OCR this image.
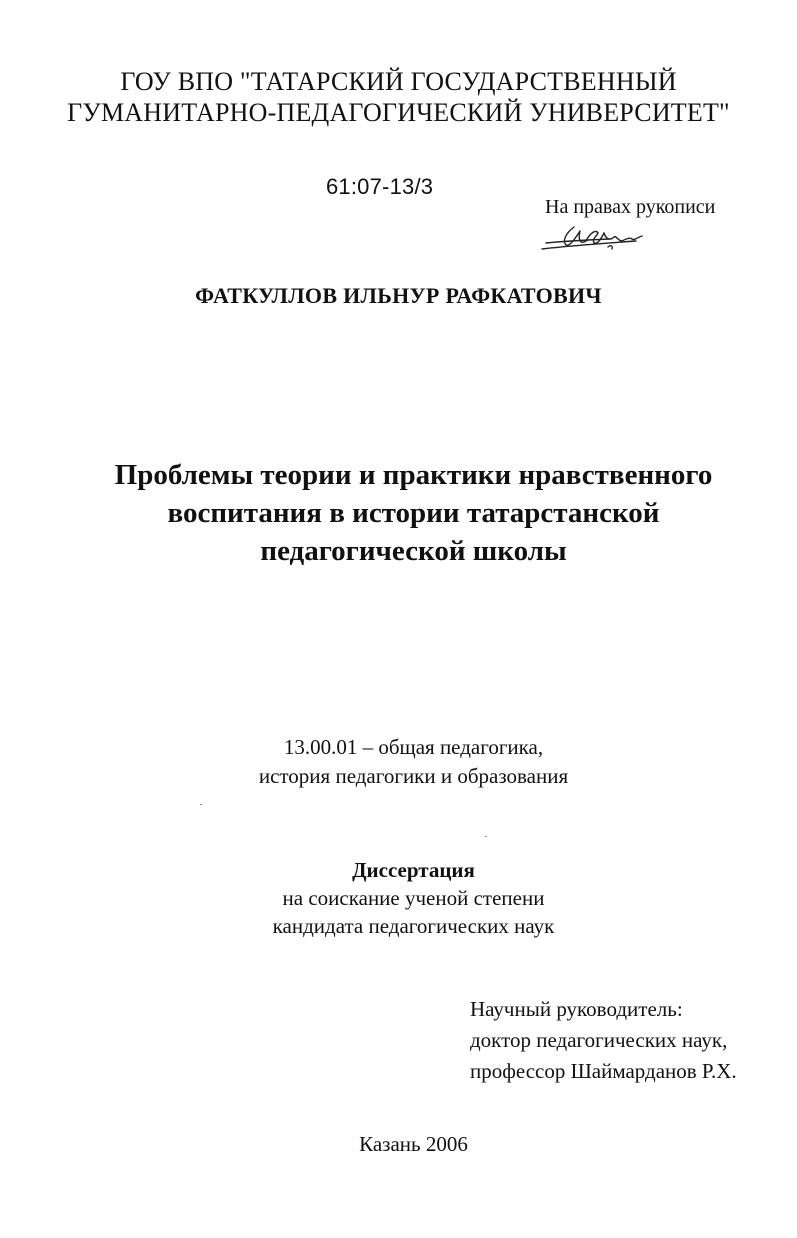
ГОУ ВПО "ТАТАРСКИЙ ГОСУДАРСТВЕННЫЙ
ГУМАНИТАРНО-ПЕДАГОГИЧЕСКИЙ УНИВЕРСИТЕТ"
61:07-13/3
На правах рукописи
ФАТКУЛЛОВ ИЛЬНУР РАФКАТОВИЧ
Проблемы теории и практики нравственного
воспитания в истории татарстанской
педагогической школы
13.00.01 – общая педагогика,
история педагогики и образования
Диссертация
на соискание ученой степени
кандидата педагогических наук
Научный руководитель:
доктор педагогических наук,
профессор Шаймарданов Р.Х.
Казань 2006
